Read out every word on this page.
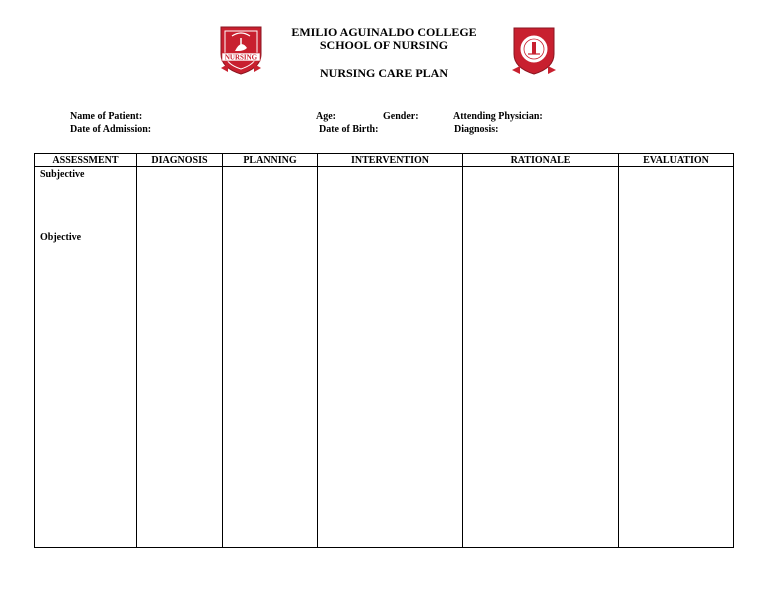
NURSING
EMILIO AGUINALDO COLLEGE
SCHOOL OF NURSING
NURSING CARE PLAN
Name of Patient:
Date of Admission:
Age:	Gender:
Date of Birth:
Attending Physician:
Diagnosis:
ASSESSMENT	DIAGNOSIS	PLANNING	INTERVENTION	RATIONALE	EVALUATION

Subjective
Objective					
